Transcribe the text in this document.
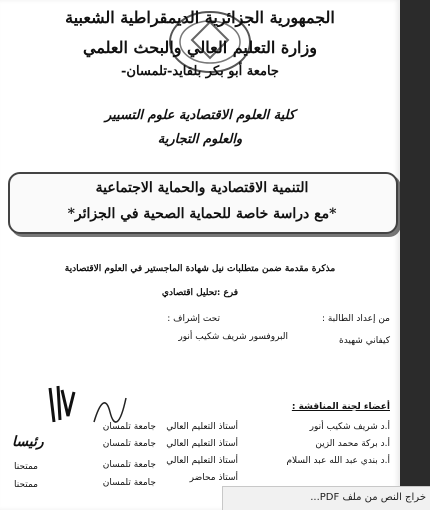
الجمهورية الجزائرية الديمقراطية الشعبية
وزارة التعليم العالي والبحث العلمي
جامعة أبو بكر بلقايد-تلمسان-
كلية العلوم الاقتصادية علوم التسيير
والعلوم التجارية
التنمية الاقتصادية والحماية الاجتماعية
*مع دراسة خاصة للحماية الصحية في الجزائر*
مذكرة مقدمة ضمن متطلبات نيل شهادة الماجستير في العلوم الاقتصادية
فرع :تحليل اقتصادي
من إعداد الطالبة :
كيفاني شهيدة
تحت إشراف :
البروفسور شريف شكيب أنور
أعضاء لجنة المناقشة :
أ.د شريف شكيب أنور
أ.د بركة محمد الزين
أ.د بندي عبد الله عبد السلام
أستاذ التعليم العالي
أستاذ التعليم العالي
أستاذ التعليم العالي
أستاذ محاضر
جامعة تلمسان
جامعة تلمسان
جامعة تلمسان
جامعة تلمسان
رئيسا
ممتحنا
ممتحنا
خراج النص من ملف PDF...
